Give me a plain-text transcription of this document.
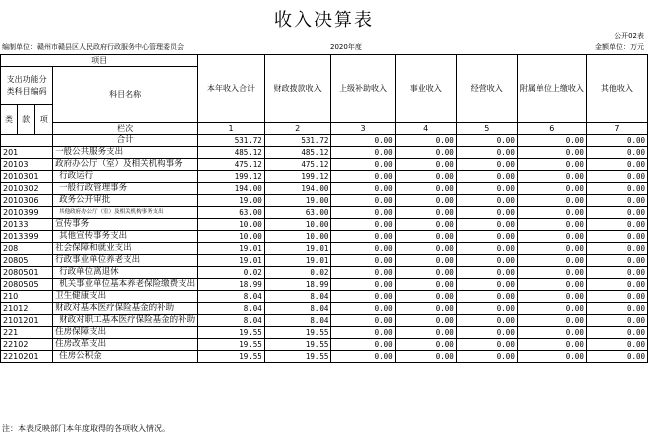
收入决算表
公开02表
编制单位：赣州市赣县区人民政府行政服务中心管理委员会	2020年度	金额单位：万元
项目				本年收入合计	财政拨款收入	上级补助收入	事业收入	经营收入	附属单位上缴收入	其他收入
支出功能分类科目编码			科目名称							
类	款	项								
			栏次	1	2	3	4	5	6	7
			合计	531.72	531.72	0.00	0.00	0.00	0.00	0.00
201			一般公共服务支出	485.12	485.12	0.00	0.00	0.00	0.00	0.00
20103			政府办公厅（室）及相关机构事务	475.12	475.12	0.00	0.00	0.00	0.00	0.00
2010301			行政运行	199.12	199.12	0.00	0.00	0.00	0.00	0.00
2010302			一般行政管理事务	194.00	194.00	0.00	0.00	0.00	0.00	0.00
2010306			政务公开审批	19.00	19.00	0.00	0.00	0.00	0.00	0.00
2010399			其他政府办公厅（室）及相关机构事务支出	63.00	63.00	0.00	0.00	0.00	0.00	0.00
20133			宣传事务	10.00	10.00	0.00	0.00	0.00	0.00	0.00
2013399			其他宣传事务支出	10.00	10.00	0.00	0.00	0.00	0.00	0.00
208			社会保障和就业支出	19.01	19.01	0.00	0.00	0.00	0.00	0.00
20805			行政事业单位养老支出	19.01	19.01	0.00	0.00	0.00	0.00	0.00
2080501			行政单位离退休	0.02	0.02	0.00	0.00	0.00	0.00	0.00
2080505			机关事业单位基本养老保险缴费支出	18.99	18.99	0.00	0.00	0.00	0.00	0.00
210			卫生健康支出	8.04	8.04	0.00	0.00	0.00	0.00	0.00
21012			财政对基本医疗保险基金的补助	8.04	8.04	0.00	0.00	0.00	0.00	0.00
2101201			财政对职工基本医疗保险基金的补助	8.04	8.04	0.00	0.00	0.00	0.00	0.00
221			住房保障支出	19.55	19.55	0.00	0.00	0.00	0.00	0.00
22102			住房改革支出	19.55	19.55	0.00	0.00	0.00	0.00	0.00
2210201			住房公积金	19.55	19.55	0.00	0.00	0.00	0.00	0.00
注：本表反映部门本年度取得的各项收入情况。
